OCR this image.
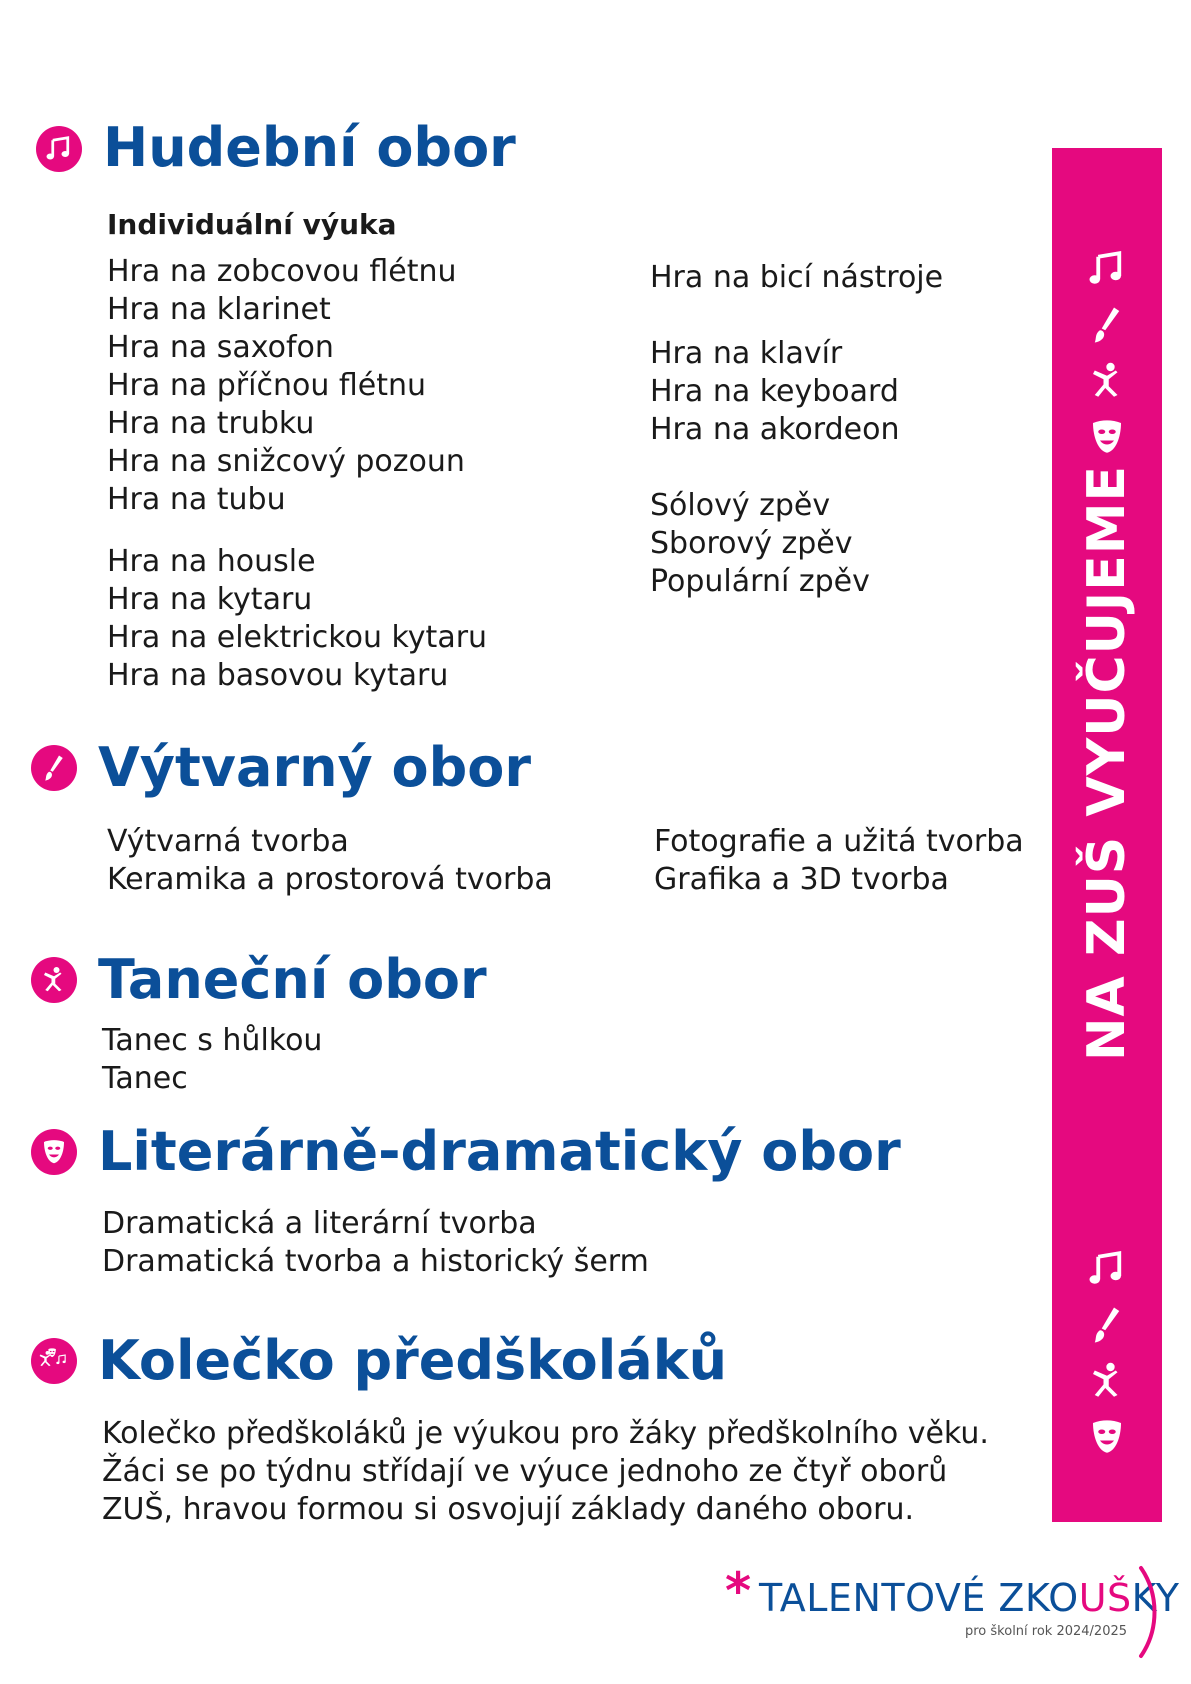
Hudební obor
Individuální výuka
Hra na zobcovou flétnu
Hra na klarinet
Hra na saxofon
Hra na příčnou flétnu
Hra na trubku
Hra na snižcový pozoun
Hra na tubu
Hra na housle
Hra na kytaru
Hra na elektrickou kytaru
Hra na basovou kytaru
Hra na bicí nástroje
Hra na klavír
Hra na keyboard
Hra na akordeon
Sólový zpěv
Sborový zpěv
Populární zpěv
Výtvarný obor
Výtvarná tvorba
Keramika a prostorová tvorba
Fotografie a užitá tvorba
Grafika a 3D tvorba
Taneční obor
Tanec s hůlkou
Tanec
Literárně-dramatický obor
Dramatická a literární tvorba
Dramatická tvorba a historický šerm
Kolečko předškoláků

Kolečko předškoláků je výukou pro žáky předškolního věku.
Žáci se po týdnu střídají ve výuce jednoho ze čtyř oborů
ZUŠ, hravou formou si osvojují základy daného oboru.

NA ZUŠ VYUČUJEME
* TALENTOVÉ ZKOUŠKY
pro školní rok 2024/2025
